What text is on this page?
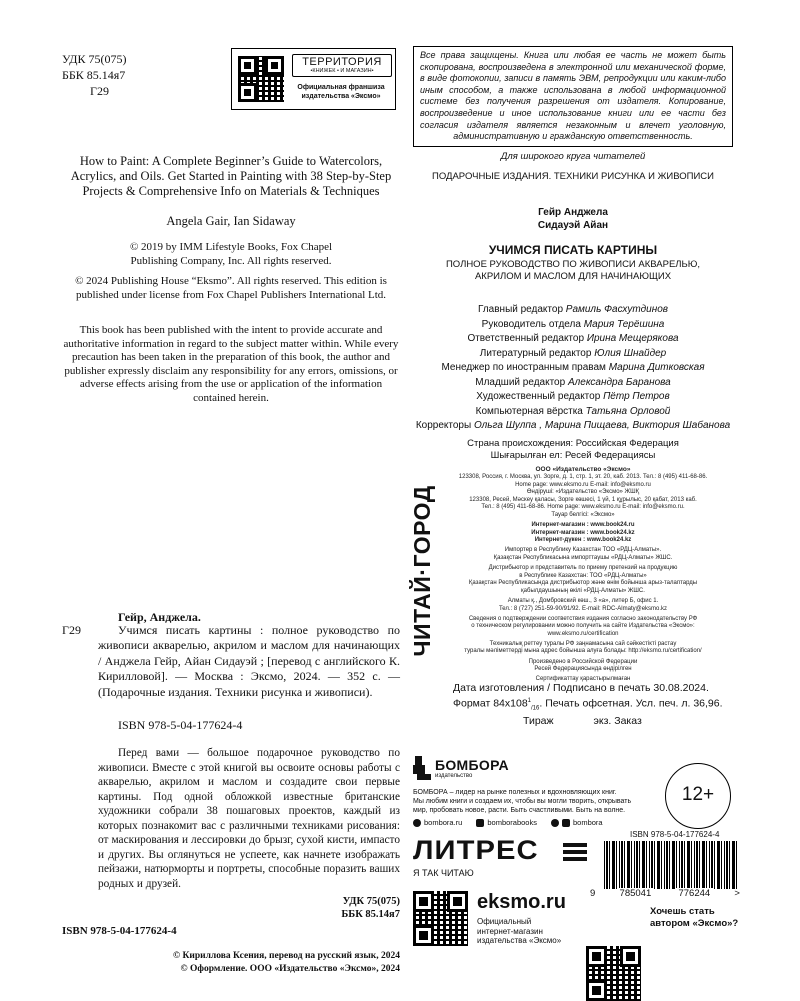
УДК 75(075)
ББК 85.14я7
Г29
ТЕРРИТОРИЯ
•КНИЖЕК • И МАГАЗИН•
Официальная франшиза
издательства «Эксмо»
How to Paint: A Complete Beginner’s Guide to Watercolors, Acrylics, and Oils. Get Started in Painting with 38 Step-by-Step Projects & Comprehensive Info on Materials & Techniques
Angela Gair, Ian Sidaway
© 2019 by IMM Lifestyle Books, Fox Chapel Publishing Company, Inc. All rights reserved.
© 2024 Publishing House “Eksmo”. All rights reserved. This edition is published under license from Fox Chapel Publishers International Ltd.
This book has been published with the intent to provide accurate and authoritative information in regard to the subject matter within. While every precaution has been taken in the preparation of this book, the author and publisher expressly disclaim any responsibility for any errors, omissions, or adverse effects arising from the use or application of the information contained herein.
Гейр, Анджела.
Г29	Учимся писать картины : полное руководство по живописи акварелью, акрилом и маслом для начинающих / Анджела Гейр, Айан Сидауэй ; [перевод с английского К. Кирилловой]. — Москва : Эксмо, 2024. — 352 с. — (Подарочные издания. Техники рисунка и живописи).
ISBN 978-5-04-177624-4
Перед вами — большое подарочное руководство по живописи. Вместе с этой книгой вы освоите основы работы с акварелью, акрилом и маслом и создадите свои первые картины. Под одной обложкой известные британские художники собрали 38 пошаговых проектов, каждый из которых познакомит вас с различными техниками рисования: от маскирования и лессировки до брызг, сухой кисти, импасто и других. Вы оглянуться не успеете, как начнете изображать пейзажи, натюрморты и портреты, способные поразить ваших родных и друзей.
УДК 75(075)
ББК 85.14я7
ISBN 978-5-04-177624-4
© Кириллова Ксения, перевод на русский язык, 2024
© Оформление. ООО «Издательство «Эксмо», 2024
Все права защищены. Книга или любая ее часть не может быть скопирована, воспроизведена в электронной или механической форме, в виде фотокопии, записи в память ЭВМ, репродукции или каким-либо иным способом, а также использована в любой информационной системе без получения разрешения от издателя. Копирование, воспроизведение и иное использование книги или ее части без согласия издателя является незаконным и влечет уголовную, административную и гражданскую ответственность.
Для широкого круга читателей
ПОДАРОЧНЫЕ ИЗДАНИЯ. ТЕХНИКИ РИСУНКА И ЖИВОПИСИ
Гейр Анджела
Сидауэй Айан
УЧИМСЯ ПИСАТЬ КАРТИНЫ
ПОЛНОЕ РУКОВОДСТВО ПО ЖИВОПИСИ АКВАРЕЛЬЮ, АКРИЛОМ И МАСЛОМ ДЛЯ НАЧИНАЮЩИХ
Главный редактор Рамиль Фасхутдинов
Руководитель отдела Мария Терёшина
Ответственный редактор Ирина Мещерякова
Литературный редактор Юлия Шнайдер
Менеджер по иностранным правам Марина Дитковская
Младший редактор Александра Баранова
Художественный редактор Пётр Петров
Компьютерная вёрстка Татьяна Орловой
Корректоры Ольга Шулпа , Марина Пищаева, Виктория Шабанова
Страна происхождения: Российская Федерация
Шығарылған ел: Ресей Федерациясы
ЧИТАЙ·ГОРОД
ООО «Издательство «Эксмо»
123308, Россия, г. Москва, ул. Зорге, д. 1, стр. 1, эт. 20, каб. 2013. Тел.: 8 (495) 411-68-86.
Home page: www.eksmo.ru E-mail: info@eksmo.ru
Өндіруші: «Издательство «Эксмо» ЖШҚ
123308, Ресей, Мәскеу қаласы, Зорге көшесі, 1 үй, 1 құрылыс, 20 қабат, 2013 каб.
Тел.: 8 (495) 411-68-86. Home page: www.eksmo.ru E-mail: info@eksmo.ru.
Тауар белгісі: «Эксмо»
Интернет-магазин : www.book24.ru
Интернет-магазин : www.book24.kz
Интернет-дүкен : www.book24.kz
Импортер в Республику Казахстан ТОО «РДЦ-Алматы».
Қазақстан Республикасына импорттаушы «РДЦ-Алматы» ЖШС.
Дистрибьютор и представитель по приему претензий на продукцию
в Республике Казахстан: ТОО «РДЦ-Алматы»
Қазақстан Республикасында дистрибьютор және өнім бойынша арыз-талаптарды
қабылдаушының өкілі «РДЦ-Алматы» ЖШС.
Алматы қ., Домбровский көш., 3 «а», литер Б, офис 1.
Тел.: 8 (727) 251-59-90/91/92. E-mail: RDC-Almaty@eksmo.kz
Сведения о подтверждении соответствия издания согласно законодательству РФ
о техническом регулировании можно получить на сайте Издательства «Эксмо»:
www.eksmo.ru/certification
Техникалық реттеу туралы РФ заңнамасына сай сәйкестікті растау
туралы мәліметтерді мына адрес бойынша алуға болады: http://eksmo.ru/certification/
Произведено в Российской Федерации
Ресей Федерациясында өндірілген
Сертификаттау қарастырылмаған
Дата изготовления / Подписано в печать 30.08.2024.
Формат $84x108^1_{/16}$. Печать офсетная. Усл. печ. л. 36,96.
Тираж	экз. Заказ
БОМБОРА
издательство
12+
БОМБОРА – лидер на рынке полезных и вдохновляющих книг.
Мы любим книги и создаем их, чтобы вы могли творить, открывать
мир, пробовать новое, расти. Быть счастливыми. Быть на волне.
bombora.ru	bomborabooks	bombora
ЛИТРЕС
Я ТАК ЧИТАЮ
ISBN 978-5-04-177624-4
9	785041	776244	>
eksmo.ru
Официальный
интернет-магазин
издательства «Эксмо»
Хочешь стать
автором «Эксмо»?
